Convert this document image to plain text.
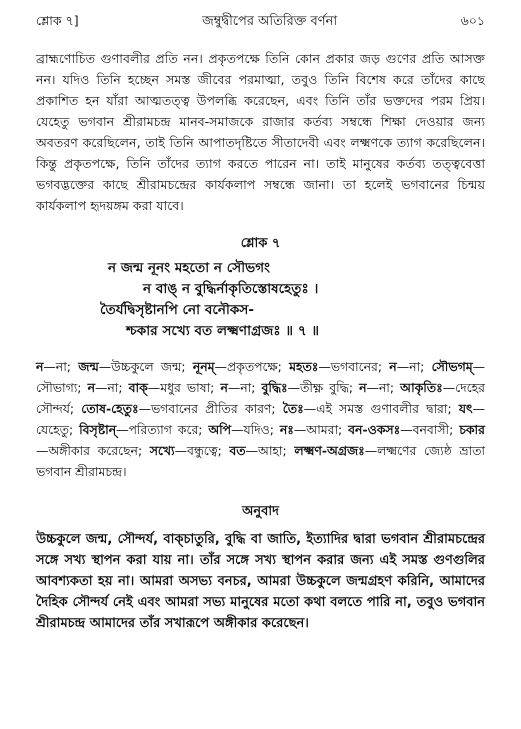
শ্লোক ৭]	জম্বুদ্বীপের অতিরিক্ত বর্ণনা	৬০১

ব্রাহ্মণোচিত গুণাবলীর প্রতি নন। প্রকৃতপক্ষে তিনি কোন প্রকার জড় গুণের প্রতি আসক্ত নন। যদিও তিনি হচ্ছেন সমস্ত জীবের পরমাত্মা, তবুও তিনি বিশেষ করে তাঁদের কাছে প্রকাশিত হন যাঁরা আত্মতত্ত্ব উপলব্ধি করেছেন, এবং তিনি তাঁর ভক্তদের পরম প্রিয়। যেহেতু ভগবান শ্রীরামচন্দ্র মানব-সমাজকে রাজার কর্তব্য সম্বন্ধে শিক্ষা দেওয়ার জন্য অবতরণ করেছিলেন, তাই তিনি আপাতদৃষ্টিতে সীতাদেবী এবং লক্ষ্মণকে ত্যাগ করেছিলেন। কিন্তু প্রকৃতপক্ষে, তিনি তাঁদের ত্যাগ করতে পারেন না। তাই মানুষের কর্তব্য তত্ত্ববেত্তা ভগবদ্ভক্তের কাছে শ্রীরামচন্দ্রের কার্যকলাপ সম্বন্ধে জানা। তা হলেই ভগবানের চিন্ময় কার্যকলাপ হৃদয়ঙ্গম করা যাবে।

শ্লোক ৭
ন জন্ম নূনং মহতো ন সৌভগং
ন বাঙ্ ন বুদ্ধির্নাকৃতিস্তোষহেতুঃ ।
তৈর্যদ্বিসৃষ্টানপি নো বনৌকস-
শ্চকার সখ্যে বত লক্ষ্মণাগ্রজঃ ॥ ৭ ॥
ন—না; জন্ম—উচ্চকুলে জন্ম; নূনম্—প্রকৃতপক্ষে; মহতঃ—ভগবানের; ন—না; সৌভগম্—সৌভাগ্য; ন—না; বাক্—মধুর ভাষা; ন—না; বুদ্ধিঃ—তীক্ষ্ণ বুদ্ধি; ন—না; আকৃতিঃ—দেহের সৌন্দর্য; তোষ-হেতুঃ—ভগবানের প্রীতির কারণ; তৈঃ—এই সমস্ত গুণাবলীর দ্বারা; যৎ—যেহেতু; বিসৃষ্টান্—পরিত্যাগ করে; অপি—যদিও; নঃ—আমরা; বন-ওকসঃ—বনবাসী; চকার—অঙ্গীকার করেছেন; সখ্যে—বন্ধুত্বে; বত—আহা; লক্ষ্মণ-অগ্রজঃ—লক্ষ্মণের জ্যেষ্ঠ ভ্রাতা ভগবান শ্রীরামচন্দ্র।
অনুবাদ

উচ্চকুলে জন্ম, সৌন্দর্য, বাক্চাতুরি, বুদ্ধি বা জাতি, ইত্যাদির দ্বারা ভগবান শ্রীরামচন্দ্রের সঙ্গে সখ্য স্থাপন করা যায় না। তাঁর সঙ্গে সখ্য স্থাপন করার জন্য এই সমস্ত গুণগুলির আবশ্যকতা হয় না। আমরা অসভ্য বনচর, আমরা উচ্চকুলে জন্মগ্রহণ করিনি, আমাদের দৈহিক সৌন্দর্য নেই এবং আমরা সভ্য মানুষের মতো কথা বলতে পারি না, তবুও ভগবান শ্রীরামচন্দ্র আমাদের তাঁর সখারূপে অঙ্গীকার করেছেন।
